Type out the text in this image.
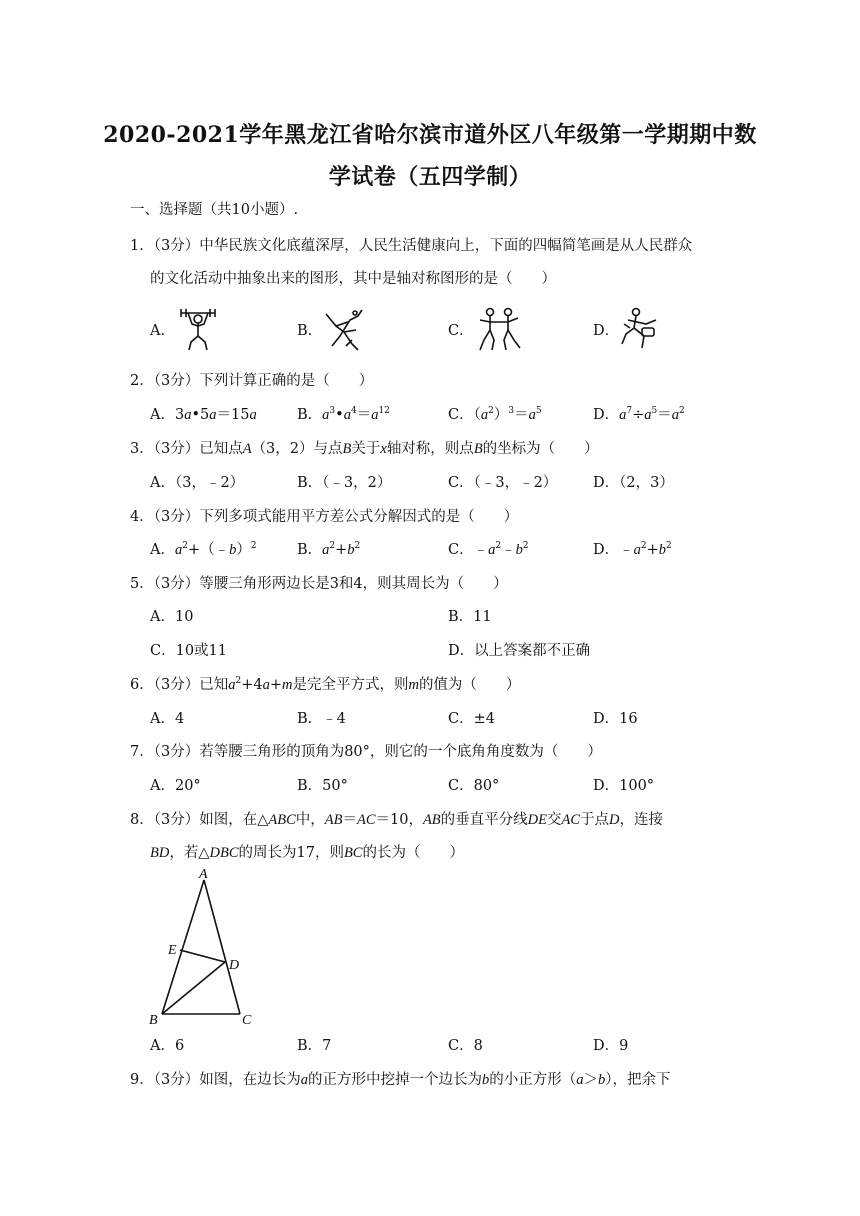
2020-2021学年黑龙江省哈尔滨市道外区八年级第一学期期中数
学试卷（五四学制）
一、选择题（共10小题）.
1．（3分）中华民族文化底蕴深厚，人民生活健康向上，下面的四幅简笔画是从人民群众
的文化活动中抽象出来的图形，其中是轴对称图形的是（　　）
A．	B．	C．	D．
2．（3分）下列计算正确的是（　　）
A．3a•5a＝15a	B．$a^3•a^4=a^{12}$	C．$(a^2)^3=a^5$	D．$a^7\div a^5=a^2$
3．（3分）已知点A（3，2）与点B关于x轴对称，则点B的坐标为（　　）
A．（3，﹣2）	B．（﹣3，2）	C．（﹣3，﹣2） D．（2，3）
4．（3分）下列多项式能用平方差公式分解因式的是（　　）
A．$a^2+(﹣b)^2$	B．$a^2+b^2$	C．$﹣a^2﹣b^2$	D．$﹣a^2+b^2$
5．（3分）等腰三角形两边长是3和4，则其周长为（　　）
A．10	B．11
C．10或11	D．以上答案都不正确
6．（3分）已知$a^2+4a+m$是完全平方式，则m的值为（　　）
A．4	B．﹣4	C．±4	D．16
7．（3分）若等腰三角形的顶角为80°，则它的一个底角角度数为（　　）
A．20°	B．50°	C．80°	D．100°
8．（3分）如图，在△ABC中，AB＝AC＝10，AB的垂直平分线DE交AC于点D，连接
BD，若△DBC的周长为17，则BC的长为（　　）
A
E
D
B	C
A．6	B．7	C．8	D．9
9．（3分）如图，在边长为a的正方形中挖掉一个边长为b的小正方形（a＞b），把余下
